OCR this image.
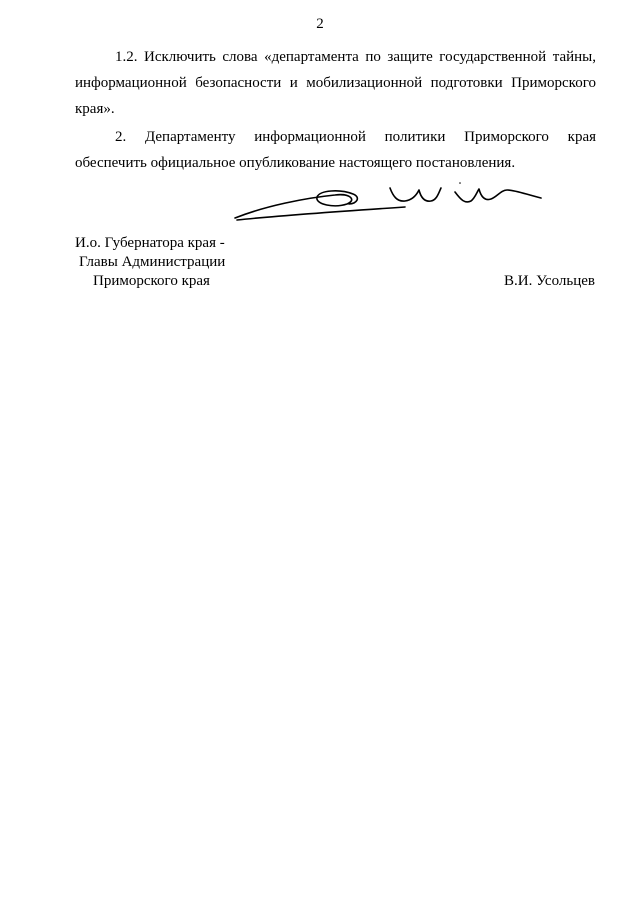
2

1.2. Исключить слова «департамента по защите государственной тайны, информационной безопасности и мобилизационной подготовки Приморского края».

2. Департаменту информационной политики Приморского края
обеспечить официальное опубликование настоящего постановления.
И.о. Губернатора края -
Главы Администрации
Приморского края	В.И. Усольцев
